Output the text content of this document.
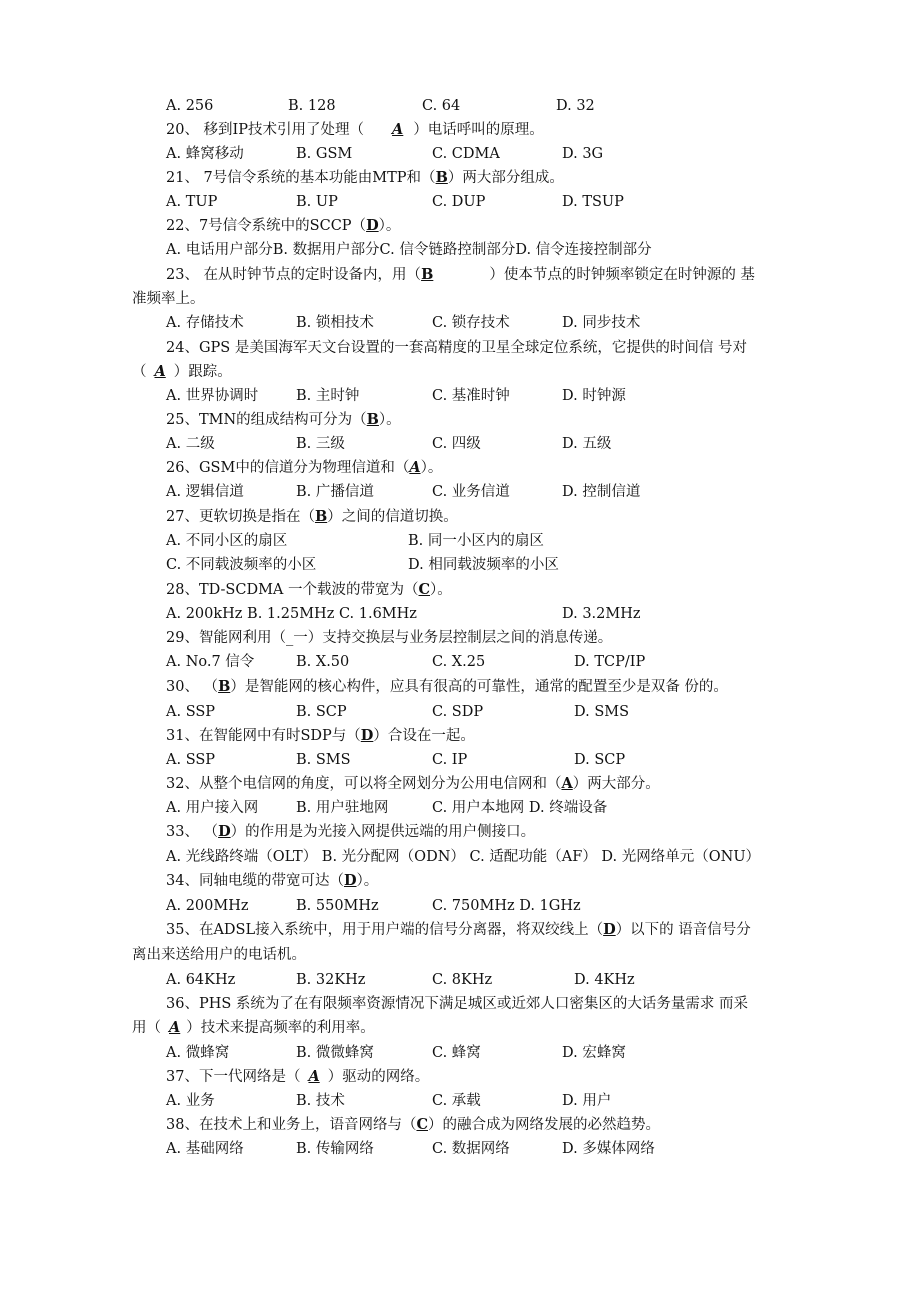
A. 256	B. 128	C. 64	D. 32
20、 移到IP技术引用了处理（ A ）电话呼叫的原理。
A. 蜂窝移动	B. GSM	C. CDMA	D. 3G
21、 7号信令系统的基本功能由MTP和（B）两大部分组成。
A. TUP	B. UP	C. DUP	D. TSUP
22、7号信令系统中的SCCP（D）。
A. 电话用户部分B. 数据用户部分C. 信令链路控制部分D. 信令连接控制部分
23、 在从时钟节点的定时设备内，用（B	）使本节点的时钟频率锁定在时钟源的 基
准频率上。
A. 存储技术	B. 锁相技术	C. 锁存技术	D. 同步技术
24、GPS 是美国海军天文台设置的一套高精度的卫星全球定位系统，它提供的时间信 号对
（ A ）跟踪。
A. 世界协调时	B. 主时钟	C. 基准时钟	D. 时钟源
25、TMN的组成结构可分为（B）。
A. 二级	B. 三级	C. 四级	D. 五级
26、GSM中的信道分为物理信道和（A）。
A. 逻辑信道	B. 广播信道	C. 业务信道	D. 控制信道
27、更软切换是指在（B）之间的信道切换。
A. 不同小区的扇区	B. 同一小区内的扇区
C. 不同载波频率的小区	D. 相同载波频率的小区
28、TD-SCDMA 一个载波的带宽为（C）。
A. 200kHz B. 1.25MHz C. 1.6MHz	D. 3.2MHz
29、智能网利用（_一）支持交换层与业务层控制层之间的消息传递。
A. No.7 信令	B. X.50	C. X.25	D. TCP/IP
30、 （B）是智能网的核心构件，应具有很高的可靠性，通常的配置至少是双备 份的。
A. SSP	B. SCP	C. SDP	D. SMS
31、在智能网中有时SDP与（D）合设在一起。
A. SSP	B. SMS	C. IP	D. SCP
32、从整个电信网的角度，可以将全网划分为公用电信网和（A）两大部分。
A. 用户接入网	B. 用户驻地网	C. 用户本地网 D. 终端设备
33、 （D）的作用是为光接入网提供远端的用户侧接口。
A. 光线路终端（OLT） B. 光分配网（ODN） C. 适配功能（AF） D. 光网络单元（ONU）
34、同轴电缆的带宽可达（D）。
A. 200MHz	B. 550MHz	C. 750MHz D. 1GHz
35、在ADSL接入系统中，用于用户端的信号分离器，将双绞线上（D）以下的 语音信号分
离出来送给用户的电话机。
A. 64KHz	B. 32KHz	C. 8KHz	D. 4KHz
36、PHS 系统为了在有限频率资源情况下满足城区或近郊人口密集区的大话务量需求 而采
用（ A ）技术来提高频率的利用率。
A. 微蜂窝	B. 微微蜂窝	C. 蜂窝	D. 宏蜂窝
37、下一代网络是（ A ）驱动的网络。
A. 业务	B. 技术	C. 承载	D. 用户
38、在技术上和业务上，语音网络与（C）的融合成为网络发展的必然趋势。
A. 基础网络	B. 传输网络	C. 数据网络	D. 多媒体网络
